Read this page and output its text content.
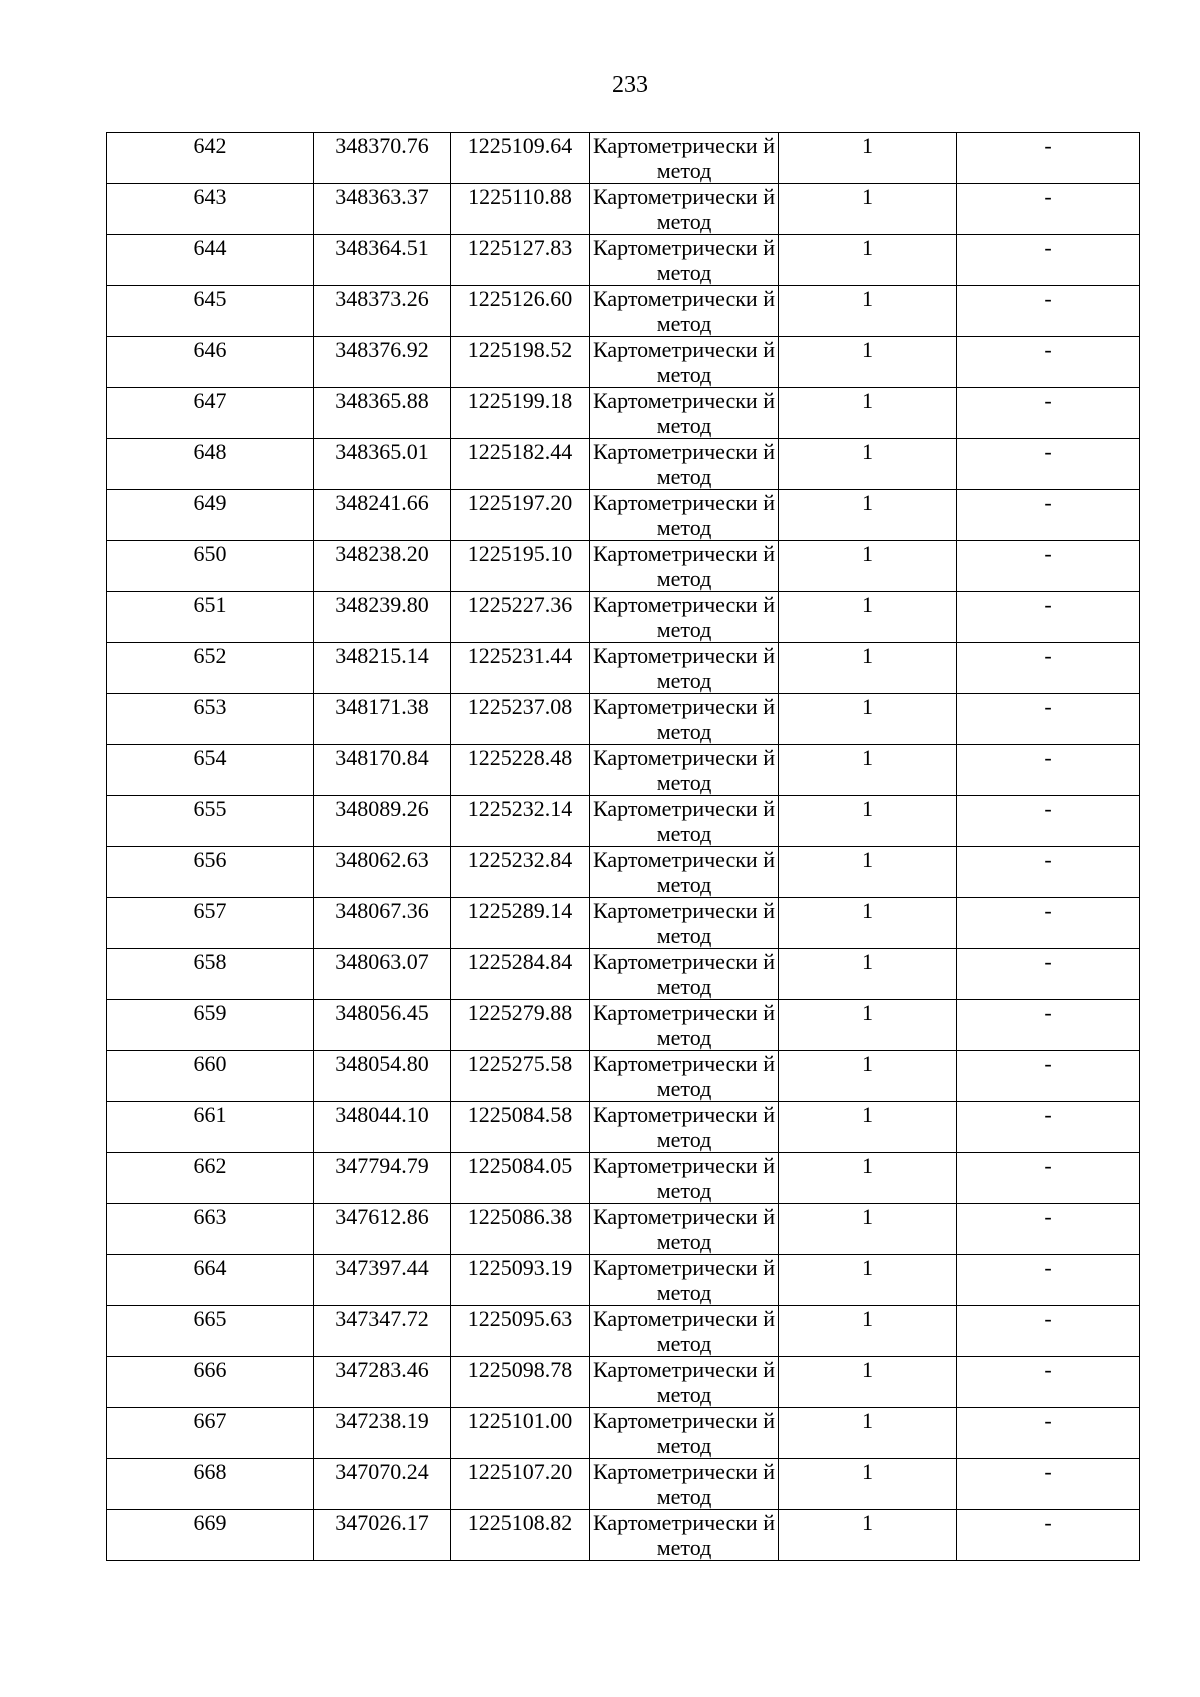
233
642	348370.76	1225109.64	Картометрически й метод	1	-

643	348363.37	1225110.88	Картометрически й метод	1	-

644	348364.51	1225127.83	Картометрически й метод	1	-

645	348373.26	1225126.60	Картометрически й метод	1	-

646	348376.92	1225198.52	Картометрически й метод	1	-

647	348365.88	1225199.18	Картометрически й метод	1	-

648	348365.01	1225182.44	Картометрически й метод	1	-

649	348241.66	1225197.20	Картометрически й метод	1	-

650	348238.20	1225195.10	Картометрически й метод	1	-

651	348239.80	1225227.36	Картометрически й метод	1	-

652	348215.14	1225231.44	Картометрически й метод	1	-

653	348171.38	1225237.08	Картометрически й метод	1	-

654	348170.84	1225228.48	Картометрически й метод	1	-

655	348089.26	1225232.14	Картометрически й метод	1	-

656	348062.63	1225232.84	Картометрически й метод	1	-

657	348067.36	1225289.14	Картометрически й метод	1	-

658	348063.07	1225284.84	Картометрически й метод	1	-

659	348056.45	1225279.88	Картометрически й метод	1	-

660	348054.80	1225275.58	Картометрически й метод	1	-

661	348044.10	1225084.58	Картометрически й метод	1	-

662	347794.79	1225084.05	Картометрически й метод	1	-

663	347612.86	1225086.38	Картометрически й метод	1	-

664	347397.44	1225093.19	Картометрически й метод	1	-

665	347347.72	1225095.63	Картометрически й метод	1	-

666	347283.46	1225098.78	Картометрически й метод	1	-

667	347238.19	1225101.00	Картометрически й метод	1	-

668	347070.24	1225107.20	Картометрически й метод	1	-

669	347026.17	1225108.82	Картометрически й метод	1	-
